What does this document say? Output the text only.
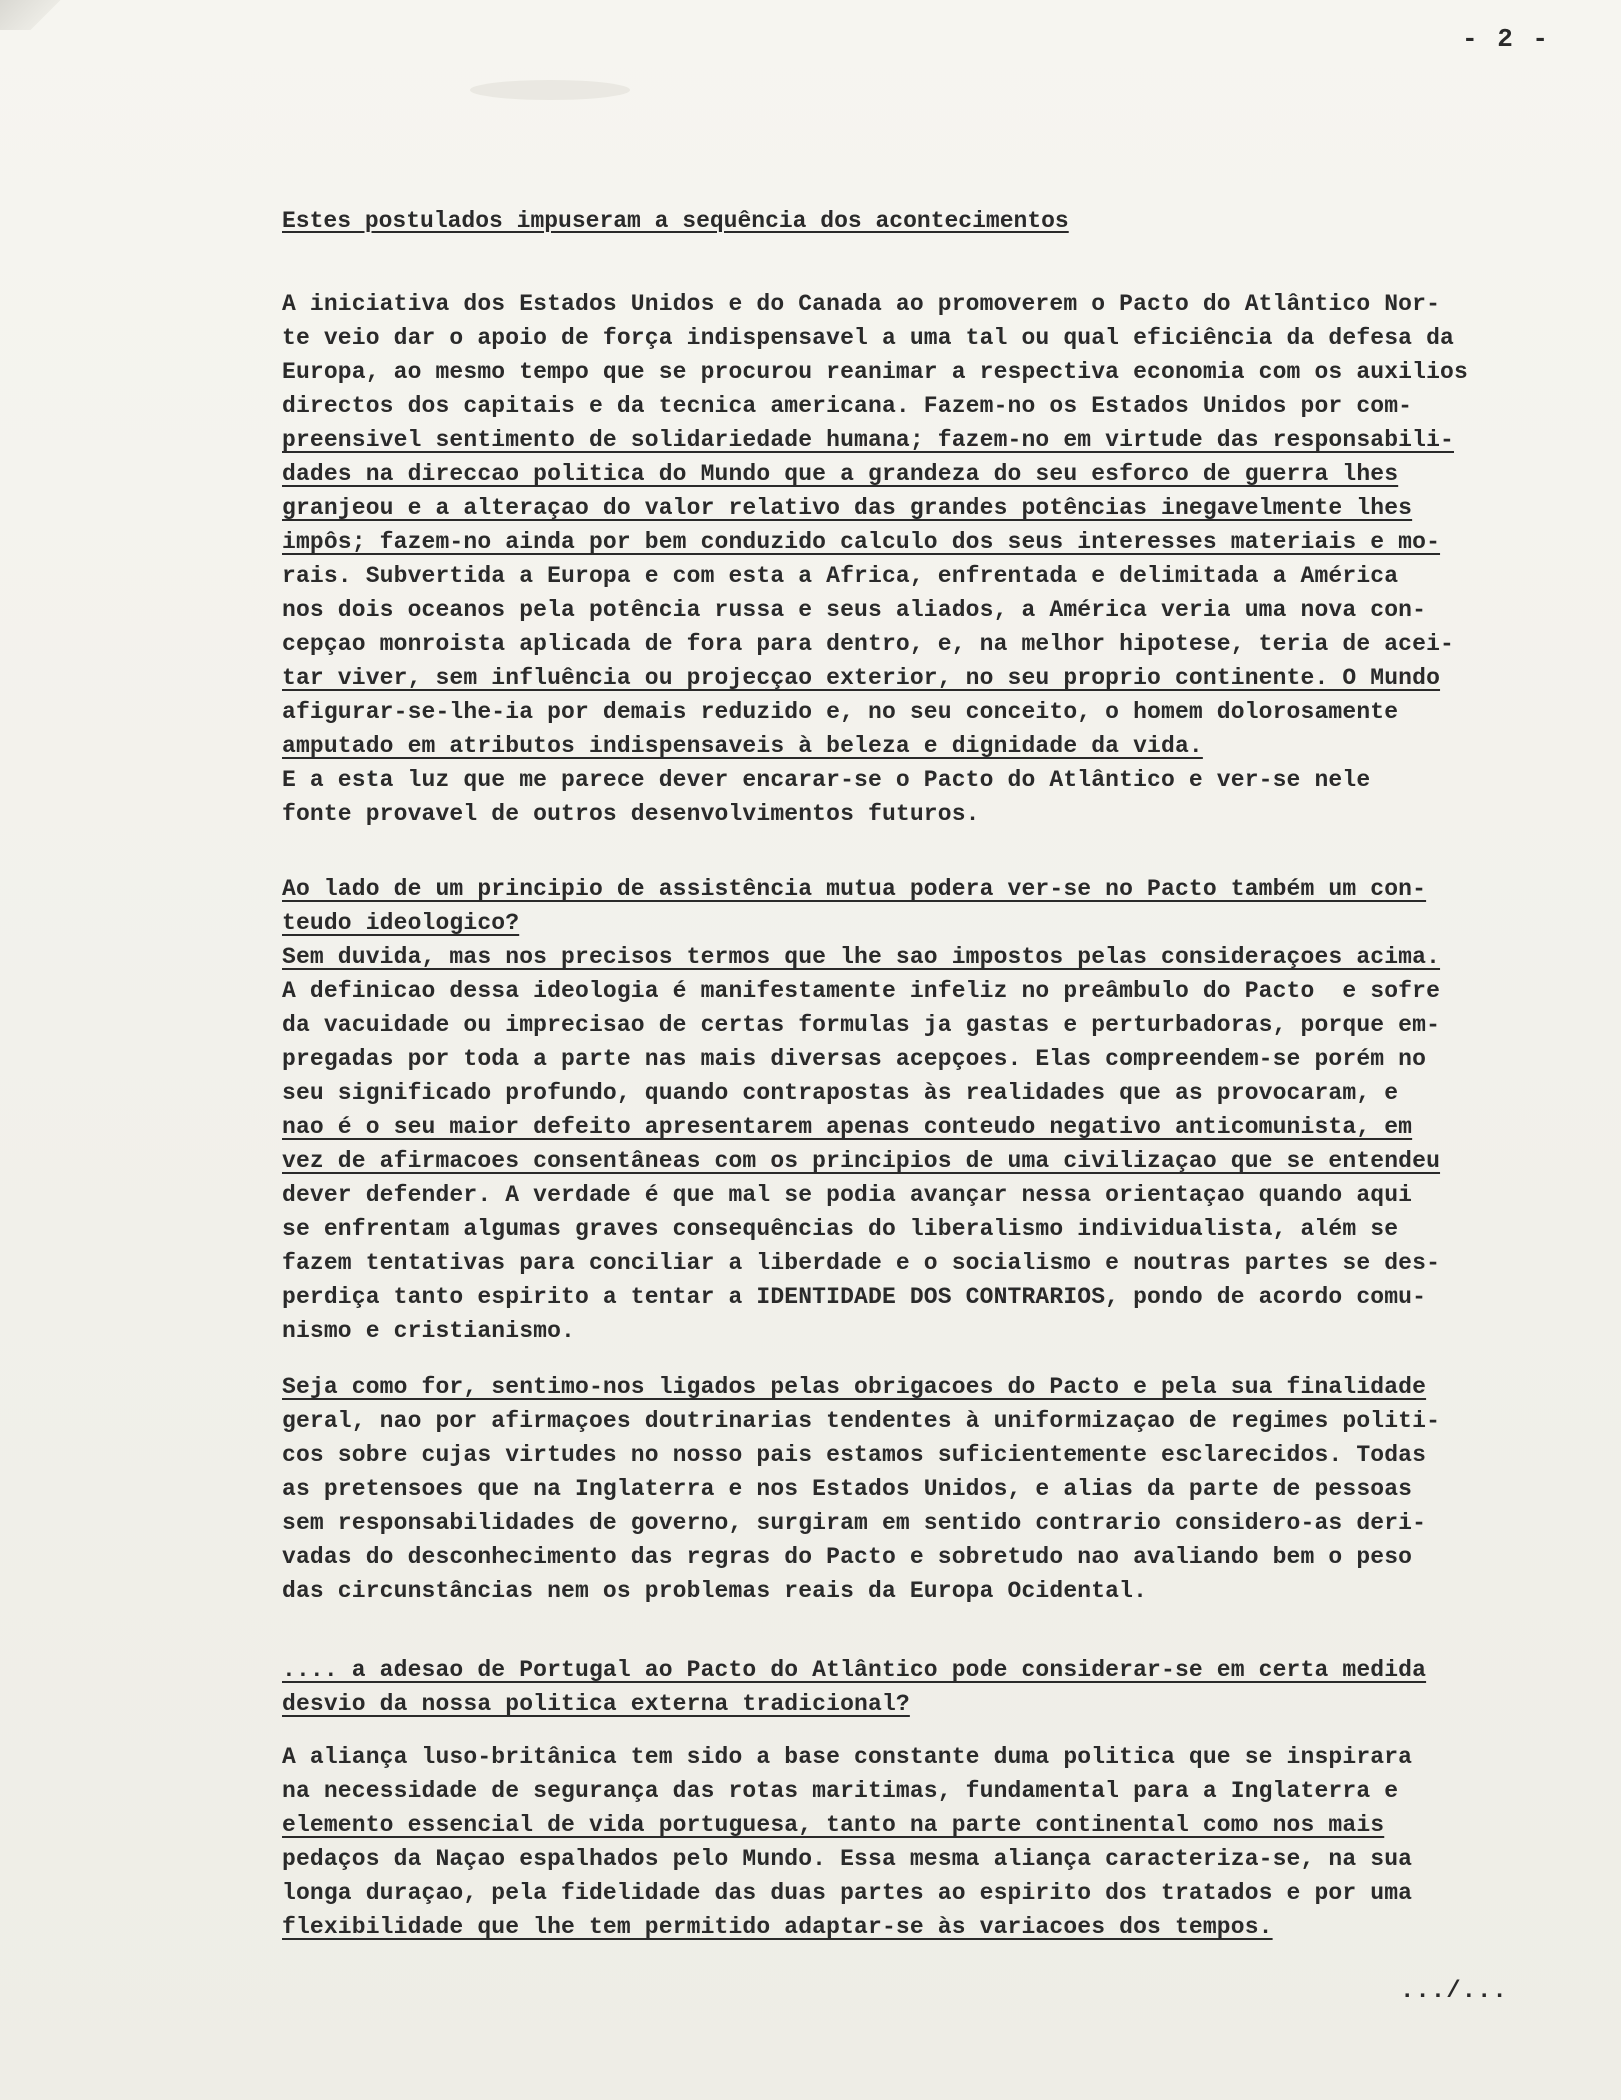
- 2 -
Estes postulados impuseram a sequência dos acontecimentos
A iniciativa dos Estados Unidos e do Canada ao promoverem o Pacto do Atlântico Nor-
te veio dar o apoio de força indispensavel a uma tal ou qual eficiência da defesa da
Europa, ao mesmo tempo que se procurou reanimar a respectiva economia com os auxilios
directos dos capitais e da tecnica americana. Fazem-no os Estados Unidos por com-
preensivel sentimento de solidariedade humana; fazem-no em virtude das responsabili-
dades na direccao politica do Mundo que a grandeza do seu esforco de guerra lhes
granjeou e a alteraçao do valor relativo das grandes potências inegavelmente lhes
impôs; fazem-no ainda por bem conduzido calculo dos seus interesses materiais e mo-
rais. Subvertida a Europa e com esta a Africa, enfrentada e delimitada a América
nos dois oceanos pela potência russa e seus aliados, a América veria uma nova con-
cepçao monroista aplicada de fora para dentro, e, na melhor hipotese, teria de acei-
tar viver, sem influência ou projecçao exterior, no seu proprio continente. O Mundo
afigurar-se-lhe-ia por demais reduzido e, no seu conceito, o homem dolorosamente
amputado em atributos indispensaveis à beleza e dignidade da vida.
E a esta luz que me parece dever encarar-se o Pacto do Atlântico e ver-se nele
fonte provavel de outros desenvolvimentos futuros.
Ao lado de um principio de assistência mutua podera ver-se no Pacto também um con-
teudo ideologico?
Sem duvida, mas nos precisos termos que lhe sao impostos pelas consideraçoes acima.
A definicao dessa ideologia é manifestamente infeliz no preâmbulo do Pacto  e sofre
da vacuidade ou imprecisao de certas formulas ja gastas e perturbadoras, porque em-
pregadas por toda a parte nas mais diversas acepçoes. Elas compreendem-se porém no
seu significado profundo, quando contrapostas às realidades que as provocaram, e
nao é o seu maior defeito apresentarem apenas conteudo negativo anticomunista, em
vez de afirmacoes consentâneas com os principios de uma civilizaçao que se entendeu
dever defender. A verdade é que mal se podia avançar nessa orientaçao quando aqui
se enfrentam algumas graves consequências do liberalismo individualista, além se
fazem tentativas para conciliar a liberdade e o socialismo e noutras partes se des-
perdiça tanto espirito a tentar a IDENTIDADE DOS CONTRARIOS, pondo de acordo comu-
nismo e cristianismo.
Seja como for, sentimo-nos ligados pelas obrigacoes do Pacto e pela sua finalidade
geral, nao por afirmaçoes doutrinarias tendentes à uniformizaçao de regimes politi-
cos sobre cujas virtudes no nosso pais estamos suficientemente esclarecidos. Todas
as pretensoes que na Inglaterra e nos Estados Unidos, e alias da parte de pessoas
sem responsabilidades de governo, surgiram em sentido contrario considero-as deri-
vadas do desconhecimento das regras do Pacto e sobretudo nao avaliando bem o peso
das circunstâncias nem os problemas reais da Europa Ocidental.
.... a adesao de Portugal ao Pacto do Atlântico pode considerar-se em certa medida
desvio da nossa politica externa tradicional?
A aliança luso-britânica tem sido a base constante duma politica que se inspirara
na necessidade de segurança das rotas maritimas, fundamental para a Inglaterra e
elemento essencial de vida portuguesa, tanto na parte continental como nos mais
pedaços da Naçao espalhados pelo Mundo. Essa mesma aliança caracteriza-se, na sua
longa duraçao, pela fidelidade das duas partes ao espirito dos tratados e por uma
flexibilidade que lhe tem permitido adaptar-se às variacoes dos tempos.
.../...
